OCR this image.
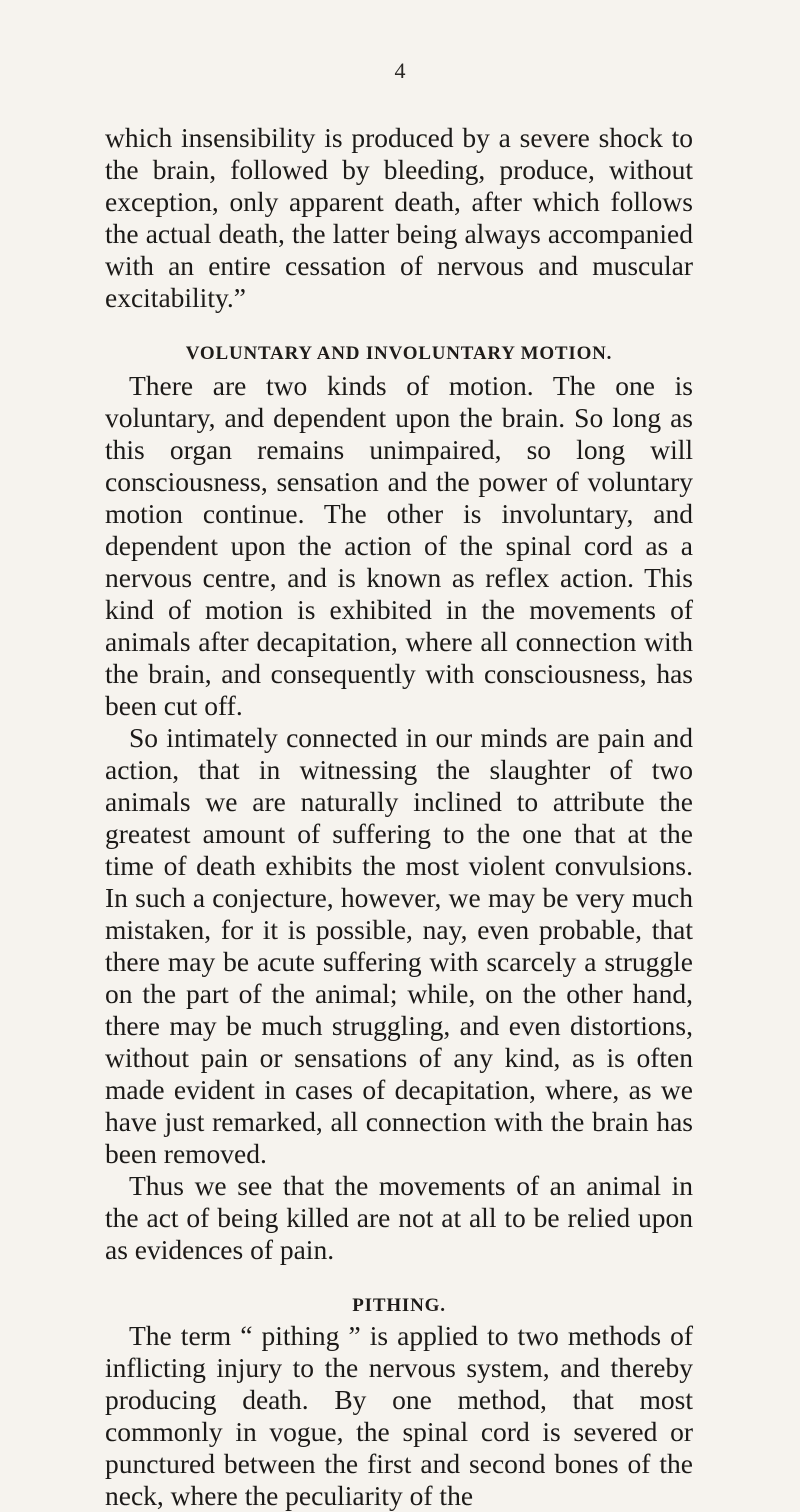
4

which insensibility is produced by a severe shock to the brain, followed by bleeding, produce, without exception, only apparent death, after which follows the actual death, the latter being always accompanied with an entire cessation of nervous and muscular excitability.”

VOLUNTARY AND INVOLUNTARY MOTION.

There are two kinds of motion. The one is voluntary, and dependent upon the brain. So long as this organ remains unimpaired, so long will consciousness, sensation and the power of voluntary motion continue. The other is involuntary, and dependent upon the action of the spinal cord as a nervous centre, and is known as reflex action. This kind of motion is exhibited in the movements of animals after decapitation, where all connection with the brain, and consequently with consciousness, has been cut off.

So intimately connected in our minds are pain and action, that in witnessing the slaughter of two animals we are naturally inclined to attribute the greatest amount of suffering to the one that at the time of death exhibits the most violent convulsions. In such a conjecture, however, we may be very much mistaken, for it is possible, nay, even probable, that there may be acute suffering with scarcely a struggle on the part of the animal; while, on the other hand, there may be much struggling, and even distortions, without pain or sensations of any kind, as is often made evident in cases of decapitation, where, as we have just remarked, all connection with the brain has been removed.

Thus we see that the movements of an animal in the act of being killed are not at all to be relied upon as evidences of pain.

PITHING.

The term “ pithing ” is applied to two methods of inflicting injury to the nervous system, and thereby producing death. By one method, that most commonly in vogue, the spinal cord is severed or punctured between the first and second bones of the neck, where the peculiarity of the
